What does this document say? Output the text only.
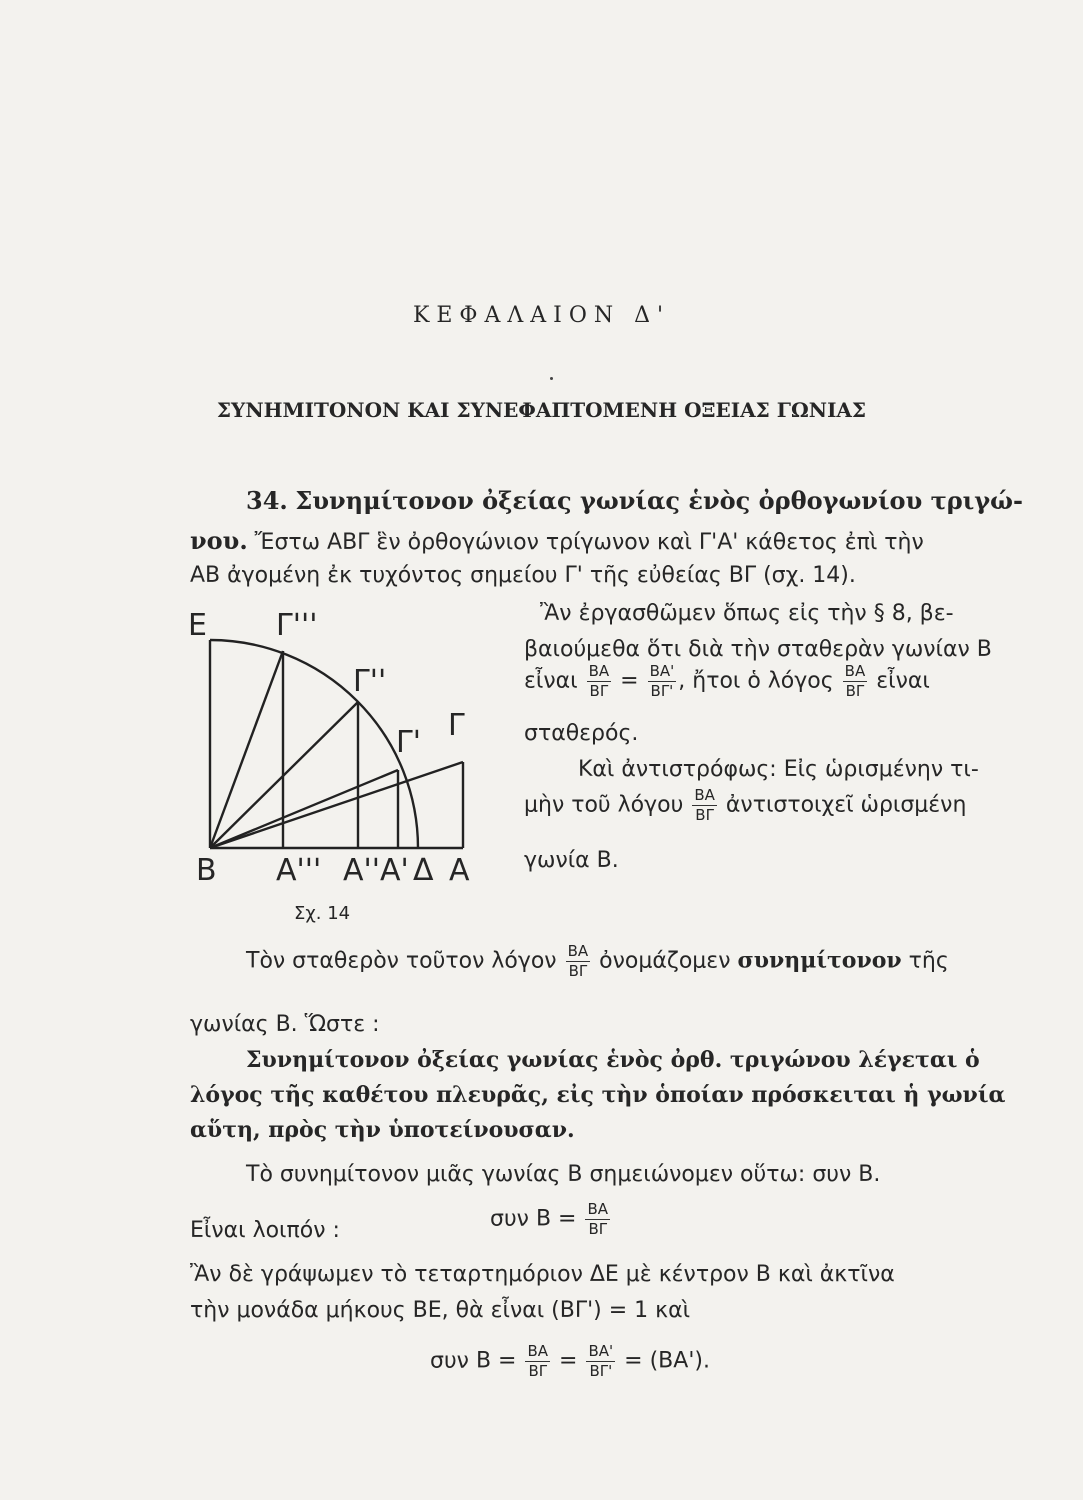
ΚΕΦΑΛΑΙΟΝ Δ'
ΣΥΝΗΜΙΤΟΝΟΝ ΚΑΙ ΣΥΝΕΦΑΠΤΟΜΕΝΗ ΟΞΕΙΑΣ ΓΩΝΙΑΣ
34. Συνημίτονον ὀξείας γωνίας ἑνὸς ὀρθογωνίου τριγώ-
νου. Ἔστω ΑΒΓ ἓν ὀρθογώνιον τρίγωνον καὶ Γ'Α' κάθετος ἐπὶ τὴν
ΑΒ ἀγομένη ἐκ τυχόντος σημείου Γ' τῆς εὐθείας ΒΓ (σχ. 14).
Ἂν ἐργασθῶμεν ὅπως εἰς τὴν § 8, βε-
βαιούμεθα ὅτι διὰ τὴν σταθερὰν γωνίαν Β
εἶναι $\frac{BA}{B\Gamma} = \frac{BA'}{B\Gamma'}$ , ἤτοι ὁ λόγος $\frac{BA}{B\Gamma}$ εἶναι
σταθερός.
Καὶ ἀντιστρόφως: Εἰς ὡρισμένην τι-
μὴν τοῦ λόγου $\frac{BA}{B\Gamma}$ ἀντιστοιχεῖ ὡρισμένη
γωνία Β.
Ε Γ'''
Γ''
Γ' Γ
Β Α''' Α''Α' Δ Α
Σχ. 14
Τὸν σταθερὸν τοῦτον λόγον $\frac{BA}{B\Gamma}$ ὀνομάζομεν συνημίτονον τῆς
γωνίας Β. Ὥστε :
Συνημίτονον ὀξείας γωνίας ἑνὸς ὀρθ. τριγώνου λέγεται ὁ
λόγος τῆς καθέτου πλευρᾶς, εἰς τὴν ὁποίαν πρόσκειται ἡ γωνία
αὕτη, πρὸς τὴν ὑποτείνουσαν.
Τὸ συνημίτονον μιᾶς γωνίας Β σημειώνομεν οὕτω: συν Β.
Εἶναι λοιπόν :	συν $B = \frac{BA}{B\Gamma}$
Ἂν δὲ γράψωμεν τὸ τεταρτημόριον ΔΕ μὲ κέντρον Β καὶ ἀκτῖνα
τὴν μονάδα μήκους ΒΕ, θὰ εἶναι (ΒΓ') = 1 καὶ
συν $B = \frac{BA}{B\Gamma} = \frac{BA'}{B\Gamma'} = (BA')$.
